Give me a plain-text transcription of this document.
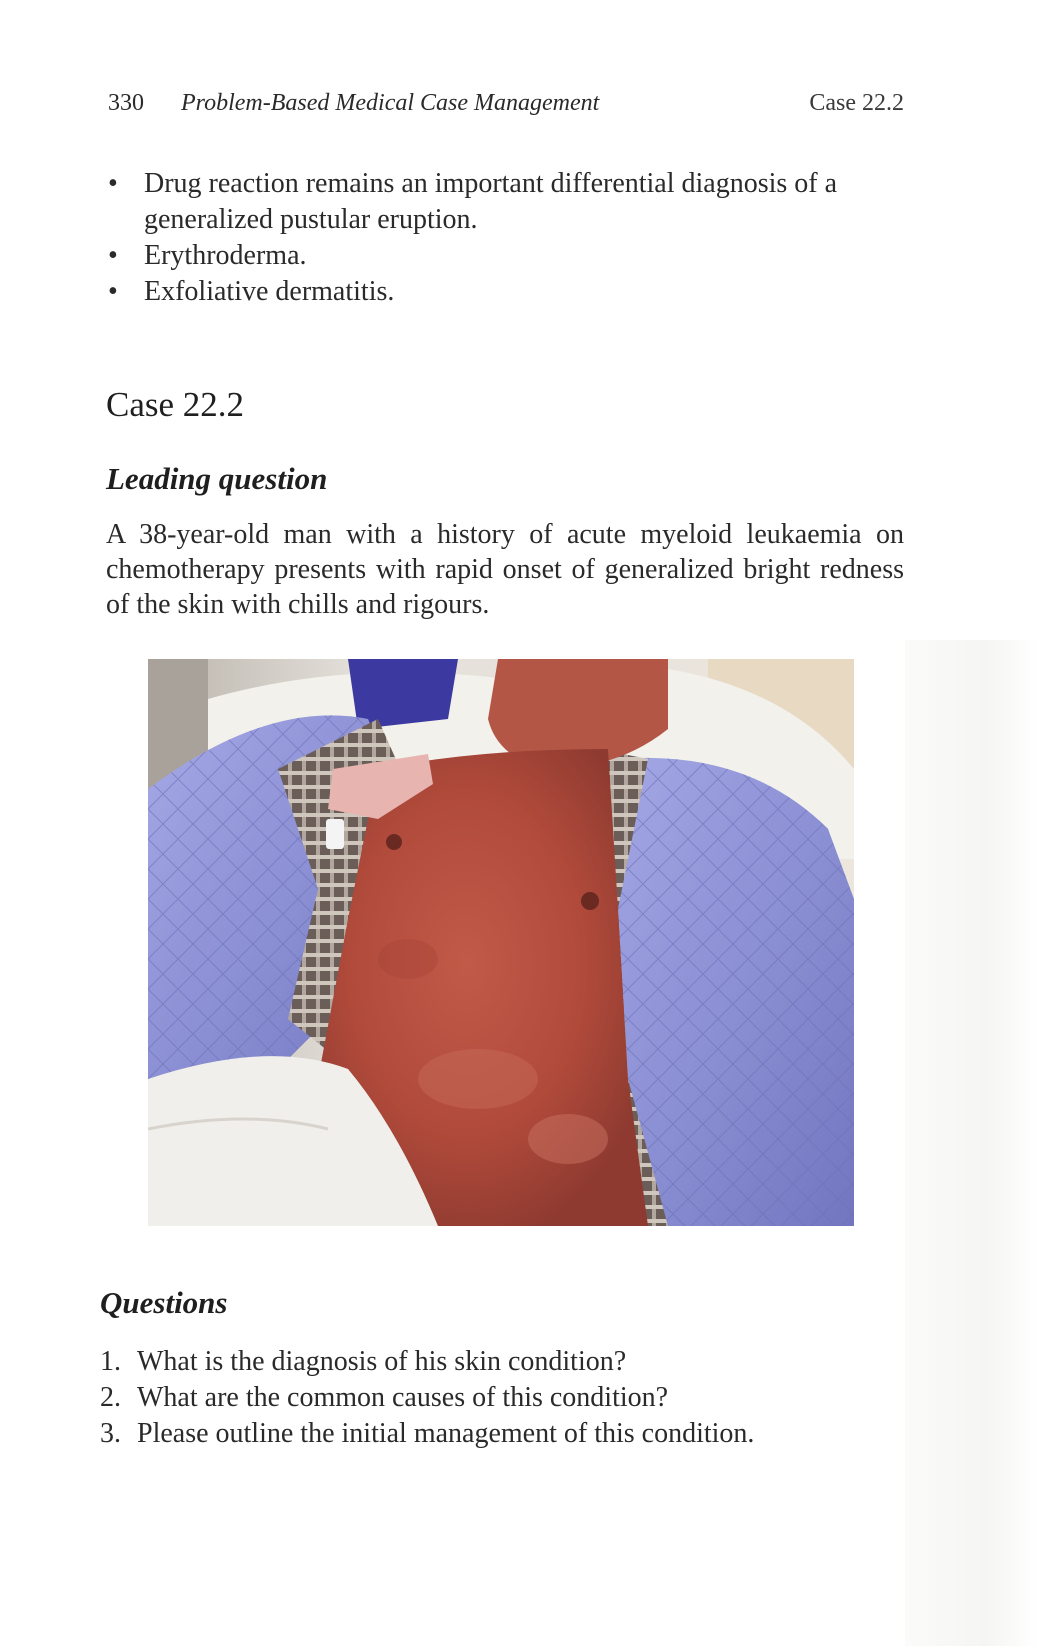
330 Problem-Based Medical Case Management	Case 22.2
• Drug reaction remains an important differential diagnosis of a generalized pustular eruption.
• Erythroderma.
• Exfoliative dermatitis.
Case 22.2
Leading question

A 38-year-old man with a history of acute myeloid leukaemia on chemotherapy presents with rapid onset of generalized bright redness of the skin with chills and rigours.

Questions
1. What is the diagnosis of his skin condition?
2. What are the common causes of this condition?
3. Please outline the initial management of this condition.
